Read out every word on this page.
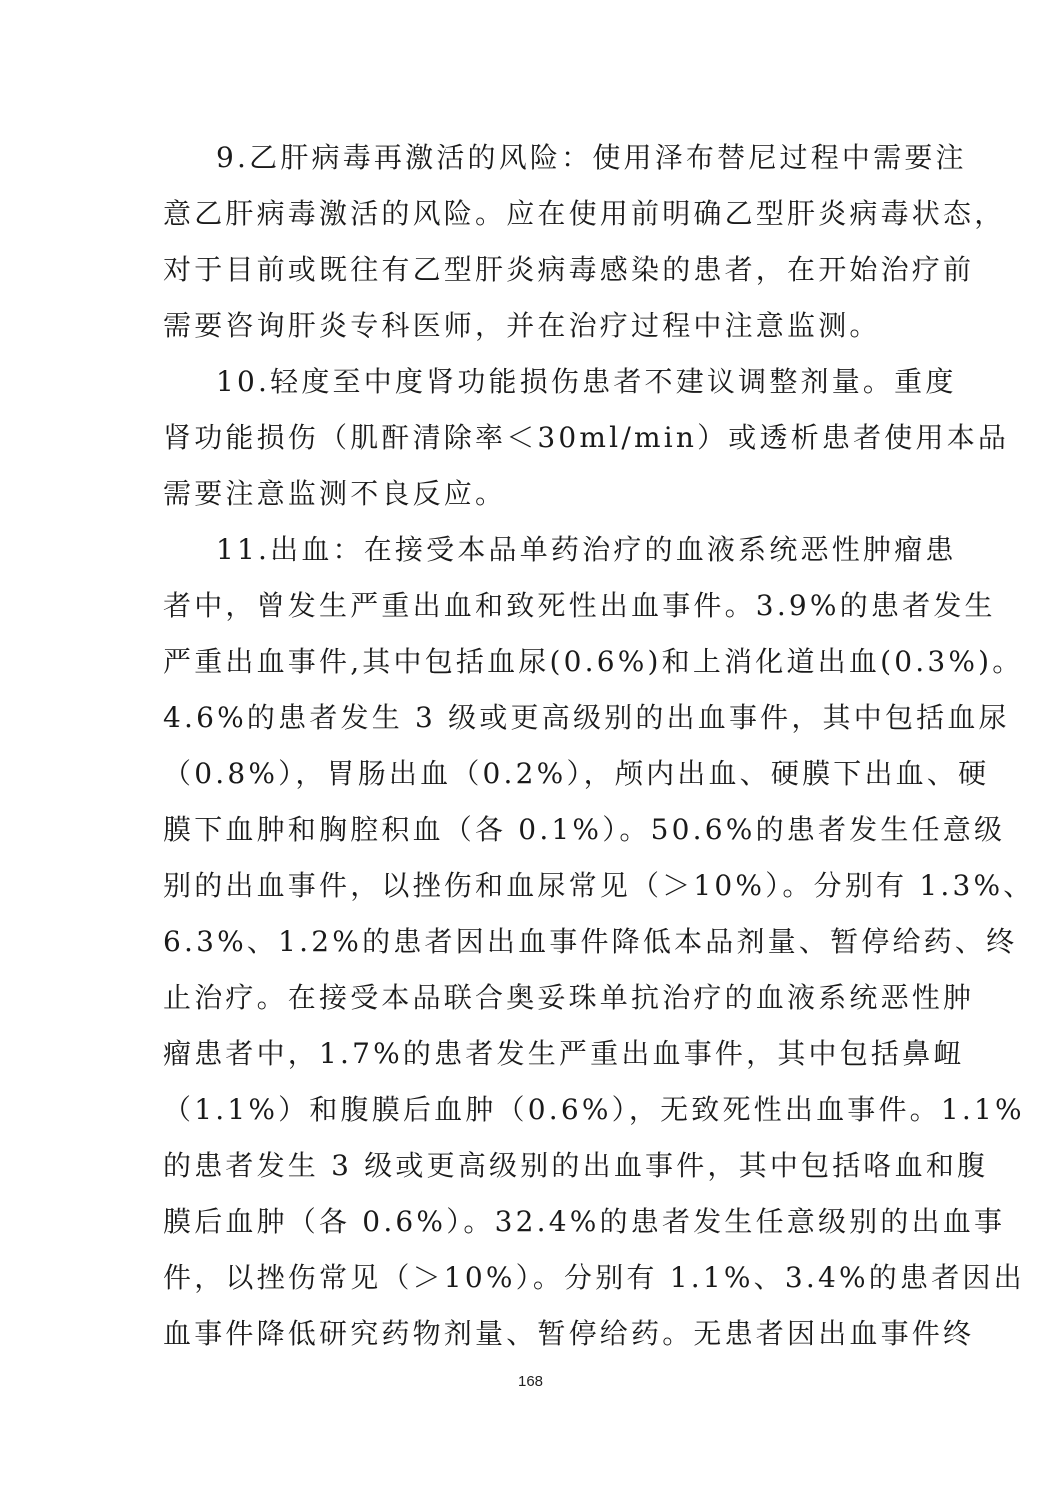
9.乙肝病毒再激活的风险：使用泽布替尼过程中需要注
意乙肝病毒激活的风险。应在使用前明确乙型肝炎病毒状态，
对于目前或既往有乙型肝炎病毒感染的患者，在开始治疗前
需要咨询肝炎专科医师，并在治疗过程中注意监测。
10.轻度至中度肾功能损伤患者不建议调整剂量。重度
肾功能损伤（肌酐清除率＜30ml/min）或透析患者使用本品
需要注意监测不良反应。
11.出血：在接受本品单药治疗的血液系统恶性肿瘤患
者中，曾发生严重出血和致死性出血事件。3.9%的患者发生
严重出血事件,其中包括血尿(0.6%)和上消化道出血(0.3%)。
4.6%的患者发生 3 级或更高级别的出血事件，其中包括血尿
（0.8%），胃肠出血（0.2%），颅内出血、硬膜下出血、硬
膜下血肿和胸腔积血（各 0.1%）。50.6%的患者发生任意级
别的出血事件，以挫伤和血尿常见（＞10%）。分别有 1.3%、
6.3%、1.2%的患者因出血事件降低本品剂量、暂停给药、终
止治疗。在接受本品联合奥妥珠单抗治疗的血液系统恶性肿
瘤患者中，1.7%的患者发生严重出血事件，其中包括鼻衄
（1.1%）和腹膜后血肿（0.6%），无致死性出血事件。1.1%
的患者发生 3 级或更高级别的出血事件，其中包括咯血和腹
膜后血肿（各 0.6%）。32.4%的患者发生任意级别的出血事
件，以挫伤常见（＞10%）。分别有 1.1%、3.4%的患者因出
血事件降低研究药物剂量、暂停给药。无患者因出血事件终
168
